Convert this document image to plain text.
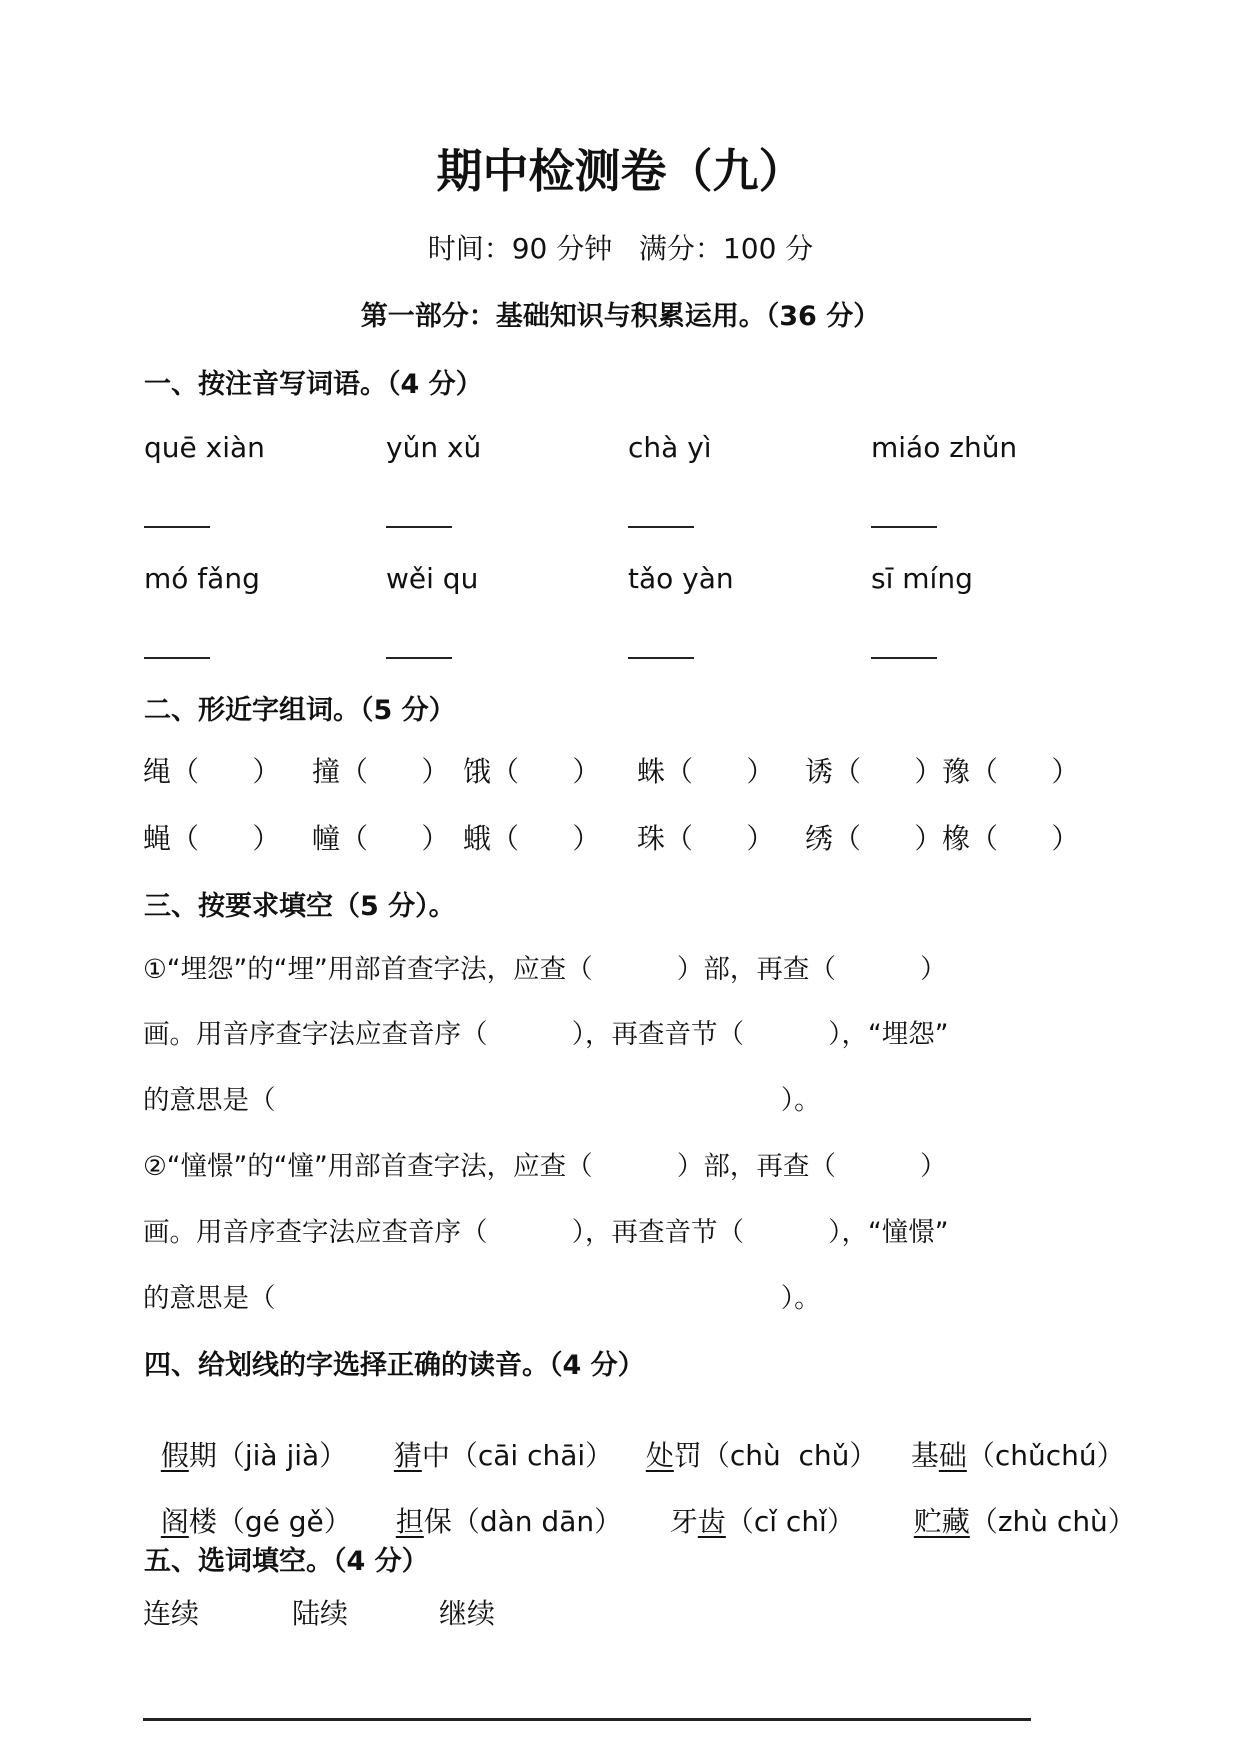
期中检测卷（九）
时间：90 分钟   满分：100 分
第一部分：基础知识与积累运用。（36 分）
一、按注音写词语。（4 分）
quē xiàn	yǔn xǔ	chà yì	miáo zhǔn
mó fǎng	wěi qu	tǎo yàn	sī míng
二、形近字组词。（5 分）
绳（      ） 撞（      ） 饿（      ） 蛛（      ） 诱（      ） 豫（      ）
蝇（      ） 幢（      ） 蛾（      ） 珠（      ） 绣（      ） 橡（      ）
三、按要求填空（5 分）。
①“埋怨”的“埋”用部首查字法，应查（          ）部，再查（          ）
画。用音序查字法应查音序（          ），再查音节（          ），“埋怨”
的意思是（                                                            ）。
②“憧憬”的“憧”用部首查字法，应查（          ）部，再查（          ）
画。用音序查字法应查音序（          ），再查音节（          ），“憧憬”
的意思是（                                                            ）。
四、给划线的字选择正确的读音。（4 分）

假期（jià jià）	猜中（cāi chāi）	处罚（chù  chǔ）	基础（chǔchú）

阁楼（gé gě）	担保（dàn dān）	牙齿（cǐ chǐ）	贮藏（zhù chù）

五、选词填空。（4 分）
连续	陆续	继续
